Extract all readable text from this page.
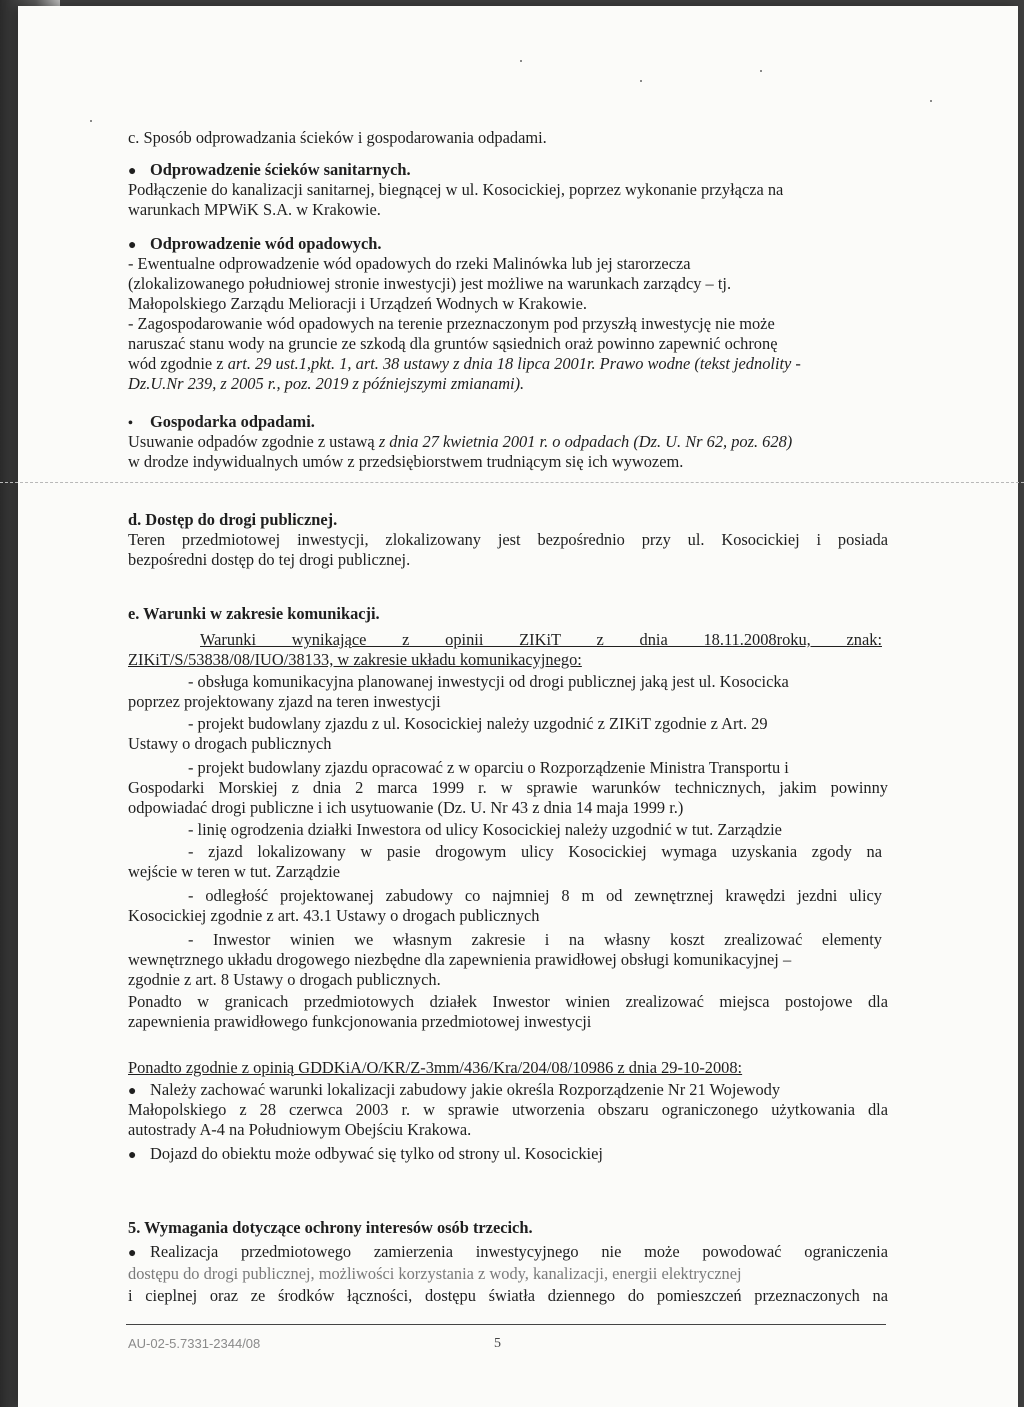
c. Sposób odprowadzania ścieków i gospodarowania odpadami.
● Odprowadzenie ścieków sanitarnych.
Podłączenie do kanalizacji sanitarnej, biegnącej w ul. Kosocickiej, poprzez wykonanie przyłącza na
warunkach MPWiK S.A. w Krakowie.
● Odprowadzenie wód opadowych.
- Ewentualne odprowadzenie wód opadowych do rzeki Malinówka lub jej starorzecza
(zlokalizowanego południowej stronie inwestycji) jest możliwe na warunkach zarządcy – tj.
Małopolskiego Zarządu Melioracji i Urządzeń Wodnych w Krakowie.
- Zagospodarowanie wód opadowych na terenie przeznaczonym pod przyszłą inwestycję nie może
naruszać stanu wody na gruncie ze szkodą dla gruntów sąsiednich oraż powinno zapewnić ochronę
wód zgodnie z art. 29 ust.1,pkt. 1, art. 38 ustawy z dnia 18 lipca 2001r. Prawo wodne (tekst jednolity -
Dz.U.Nr 239, z 2005 r., poz. 2019 z późniejszymi zmianami).
• Gospodarka odpadami.
Usuwanie odpadów zgodnie z ustawą z dnia 27 kwietnia 2001 r. o odpadach (Dz. U. Nr 62, poz. 628)
w drodze indywidualnych umów z przedsiębiorstwem trudniącym się ich wywozem.
d. Dostęp do drogi publicznej.
Teren przedmiotowej inwestycji, zlokalizowany jest bezpośrednio przy ul. Kosocickiej i posiada
bezpośredni dostęp do tej drogi publicznej.
e. Warunki w zakresie komunikacji.
Warunki wynikające z opinii ZIKiT z dnia 18.11.2008roku, znak:
ZIKiT/S/53838/08/IUO/38133, w zakresie układu komunikacyjnego:
- obsługa komunikacyjna planowanej inwestycji od drogi publicznej jaką jest ul. Kosocicka
poprzez projektowany zjazd na teren inwestycji
- projekt budowlany zjazdu z ul. Kosocickiej należy uzgodnić z ZIKiT zgodnie z Art. 29
Ustawy o drogach publicznych
- projekt budowlany zjazdu opracować z w oparciu o Rozporządzenie Ministra Transportu i
Gospodarki Morskiej z dnia 2 marca 1999 r. w sprawie warunków technicznych, jakim powinny
odpowiadać drogi publiczne i ich usytuowanie (Dz. U. Nr 43 z dnia 14 maja 1999 r.)
- linię ogrodzenia działki Inwestora od ulicy Kosocickiej należy uzgodnić w tut. Zarządzie
- zjazd lokalizowany w pasie drogowym ulicy Kosocickiej wymaga uzyskania zgody na
wejście w teren w tut. Zarządzie
- odległość projektowanej zabudowy co najmniej 8 m od zewnętrznej krawędzi jezdni ulicy
Kosocickiej zgodnie z art. 43.1 Ustawy o drogach publicznych
- Inwestor winien we własnym zakresie i na własny koszt zrealizować elementy
wewnętrznego układu drogowego niezbędne dla zapewnienia prawidłowej obsługi komunikacyjnej –
zgodnie z art. 8 Ustawy o drogach publicznych.
Ponadto w granicach przedmiotowych działek Inwestor winien zrealizować miejsca postojowe dla
zapewnienia prawidłowego funkcjonowania przedmiotowej inwestycji
Ponadto zgodnie z opinią GDDKiA/O/KR/Z-3mm/436/Kra/204/08/10986 z dnia 29-10-2008:
● Należy zachować warunki lokalizacji zabudowy jakie określa Rozporządzenie Nr 21 Wojewody
Małopolskiego z 28 czerwca 2003 r. w sprawie utworzenia obszaru ograniczonego użytkowania dla
autostrady A-4 na Południowym Obejściu Krakowa.
● Dojazd do obiektu może odbywać się tylko od strony ul. Kosocickiej
5. Wymagania dotyczące ochrony interesów osób trzecich.
● Realizacja przedmiotowego zamierzenia inwestycyjnego nie może powodować ograniczenia
dostępu do drogi publicznej, możliwości korzystania z wody, kanalizacji, energii elektrycznej
i cieplnej oraz ze środków łączności, dostępu światła dziennego do pomieszczeń przeznaczonych na
AU-02-5.7331-2344/08	5
